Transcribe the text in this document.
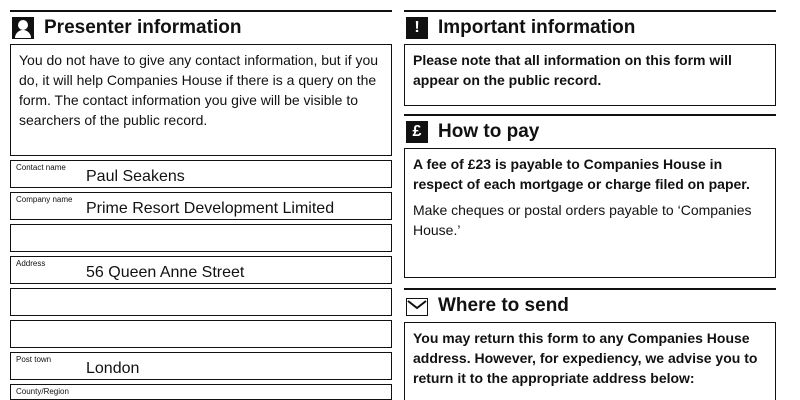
Presenter information
You do not have to give any contact information, but if you do, it will help Companies House if there is a query on the form. The contact information you give will be visible to searchers of the public record.
Contact name
Paul Seakens
Company name
Prime Resort Development Limited
Address
56 Queen Anne Street
Post town
London
County/Region
! Important information
Please note that all information on this form will appear on the public record.
£ How to pay
A fee of £23 is payable to Companies House in respect of each mortgage or charge filed on paper.
Make cheques or postal orders payable to ‘Companies House.’
Where to send
You may return this form to any Companies House address. However, for expediency, we advise you to return it to the appropriate address below:
